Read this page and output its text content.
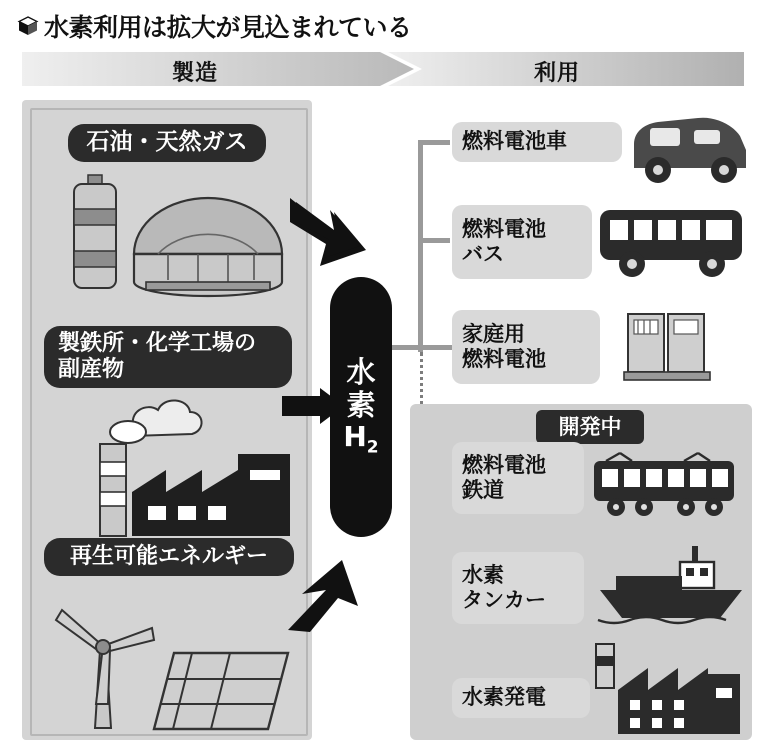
水素利用は拡大が見込まれている
製造	利用
石油・天然ガス
製鉄所・化学工場の
副産物
再生可能エネルギー
水
素
$H_2$
燃料電池車
燃料電池
バス
家庭用
燃料電池
開発中
燃料電池
鉄道
水素
タンカー
水素発電
